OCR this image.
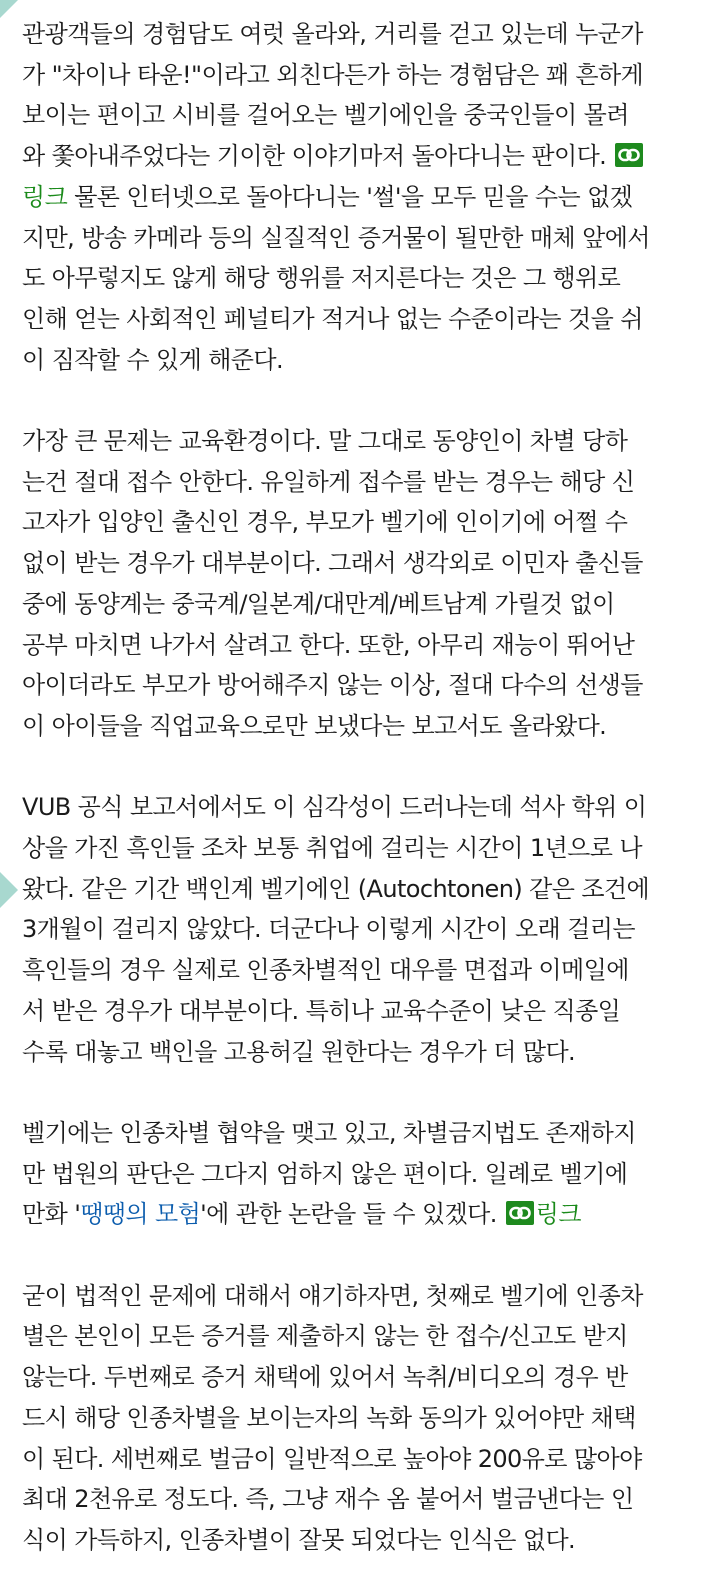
관광객들의 경험담도 여럿 올라와, 거리를 걷고 있는데 누군가
가 "차이나 타운!"이라고 외친다든가 하는 경험담은 꽤 흔하게
보이는 편이고 시비를 걸어오는 벨기에인을 중국인들이 몰려
와 쫓아내주었다는 기이한 이야기마저 돌아다니는 판이다.
링크 물론 인터넷으로 돌아다니는 '썰'을 모두 믿을 수는 없겠
지만, 방송 카메라 등의 실질적인 증거물이 될만한 매체 앞에서
도 아무렇지도 않게 해당 행위를 저지른다는 것은 그 행위로
인해 얻는 사회적인 페널티가 적거나 없는 수준이라는 것을 쉬
이 짐작할 수 있게 해준다.

가장 큰 문제는 교육환경이다. 말 그대로 동양인이 차별 당하
는건 절대 접수 안한다. 유일하게 접수를 받는 경우는 해당 신
고자가 입양인 출신인 경우, 부모가 벨기에 인이기에 어쩔 수
없이 받는 경우가 대부분이다. 그래서 생각외로 이민자 출신들
중에 동양계는 중국계/일본계/대만계/베트남계 가릴것 없이
공부 마치면 나가서 살려고 한다. 또한, 아무리 재능이 뛰어난
아이더라도 부모가 방어해주지 않는 이상, 절대 다수의 선생들
이 아이들을 직업교육으로만 보냈다는 보고서도 올라왔다.

VUB 공식 보고서에서도 이 심각성이 드러나는데 석사 학위 이
상을 가진 흑인들 조차 보통 취업에 걸리는 시간이 1년으로 나
왔다. 같은 기간 백인계 벨기에인 (Autochtonen) 같은 조건에
3개월이 걸리지 않았다. 더군다나 이렇게 시간이 오래 걸리는
흑인들의 경우 실제로 인종차별적인 대우를 면접과 이메일에
서 받은 경우가 대부분이다. 특히나 교육수준이 낮은 직종일
수록 대놓고 백인을 고용허길 원한다는 경우가 더 많다.

벨기에는 인종차별 협약을 맺고 있고, 차별금지법도 존재하지
만 법원의 판단은 그다지 엄하지 않은 편이다. 일례로 벨기에
만화 '땡땡의 모험'에 관한 논란을 들 수 있겠다.
링크

굳이 법적인 문제에 대해서 얘기하자면, 첫째로 벨기에 인종차
별은 본인이 모든 증거를 제출하지 않는 한 접수/신고도 받지
않는다. 두번째로 증거 채택에 있어서 녹취/비디오의 경우 반
드시 해당 인종차별을 보이는자의 녹화 동의가 있어야만 채택
이 된다. 세번째로 벌금이 일반적으로 높아야 200유로 많아야
최대 2천유로 정도다. 즉, 그냥 재수 옴 붙어서 벌금낸다는 인
식이 가득하지, 인종차별이 잘못 되었다는 인식은 없다.
